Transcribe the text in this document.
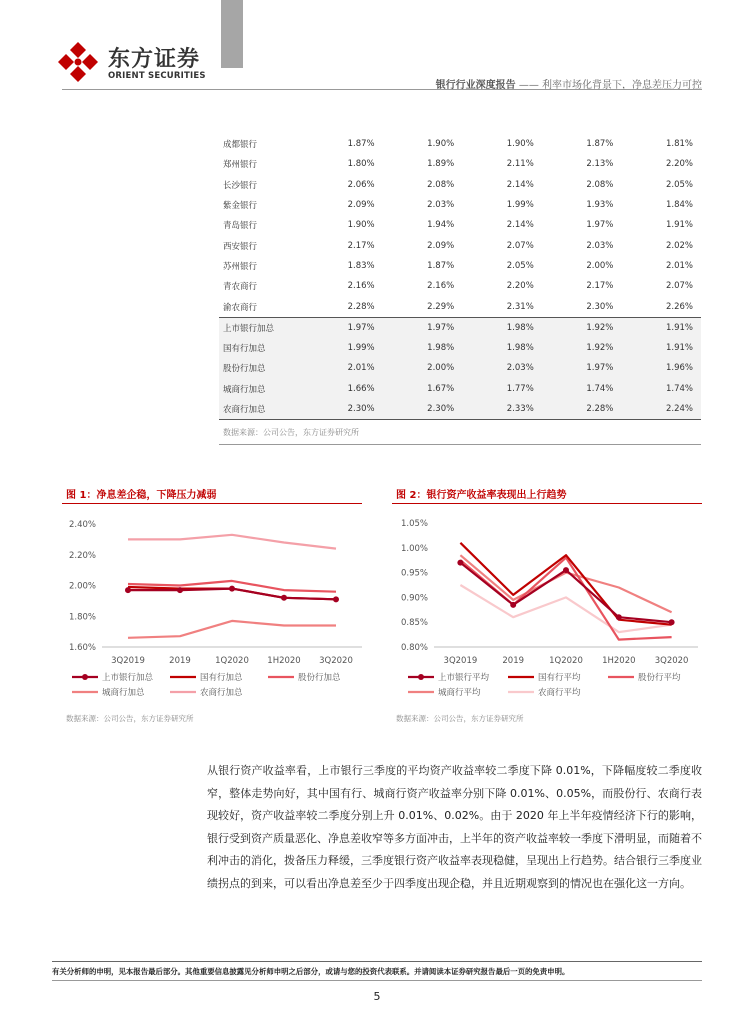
东方证券
ORIENT SECURITIES
银行行业深度报告 —— 利率市场化背景下，净息差压力可控
成都银行	1.87%	1.90%	1.90%	1.87%	1.81%
郑州银行	1.80%	1.89%	2.11%	2.13%	2.20%
长沙银行	2.06%	2.08%	2.14%	2.08%	2.05%
紫金银行	2.09%	2.03%	1.99%	1.93%	1.84%
青岛银行	1.90%	1.94%	2.14%	1.97%	1.91%
西安银行	2.17%	2.09%	2.07%	2.03%	2.02%
苏州银行	1.83%	1.87%	2.05%	2.00%	2.01%
青农商行	2.16%	2.16%	2.20%	2.17%	2.07%
渝农商行	2.28%	2.29%	2.31%	2.30%	2.26%
上市银行加总	1.97%	1.97%	1.98%	1.92%	1.91%
国有行加总	1.99%	1.98%	1.98%	1.92%	1.91%
股份行加总	2.01%	2.00%	2.03%	1.97%	1.96%
城商行加总	1.66%	1.67%	1.77%	1.74%	1.74%
农商行加总	2.30%	2.30%	2.33%	2.28%	2.24%
数据来源：公司公告，东方证券研究所					
图 1：净息差企稳，下降压力减弱
2.40%
2.20%
2.00%
1.80%
1.60%
3Q2019	2019	1Q2020 1H2020 3Q2020
上市银行加总	国有行加总	股份行加总
城商行加总	农商行加总
数据来源：公司公告，东方证券研究所
图 2：银行资产收益率表现出上行趋势
1.05%
1.00%
0.95%
0.90%
0.85%
0.80%
3Q2019	2019	1Q2020 1H2020 3Q2020
上市银行平均	国有行平均	股份行平均
城商行平均	农商行平均
数据来源：公司公告，东方证券研究所

从银行资产收益率看，上市银行三季度的平均资产收益率较二季度下降 0.01%，下降幅度较二季度收窄，整体走势向好，其中国有行、城商行资产收益率分别下降 0.01%、0.05%，而股份行、农商行表现较好，资产收益率较二季度分别上升 0.01%、0.02%。由于 2020 年上半年疫情经济下行的影响，银行受到资产质量恶化、净息差收窄等多方面冲击，上半年的资产收益率较一季度下滑明显，而随着不利冲击的消化，拨备压力释缓，三季度银行资产收益率表现稳健，呈现出上行趋势。结合银行三季度业绩拐点的到来，可以看出净息差至少于四季度出现企稳，并且近期观察到的情况也在强化这一方向。

有关分析师的申明，见本报告最后部分。其他重要信息披露见分析师申明之后部分，或请与您的投资代表联系。并请阅读本证券研究报告最后一页的免责申明。
5
